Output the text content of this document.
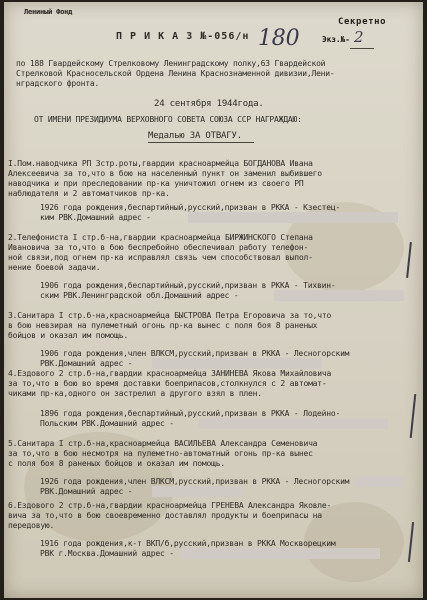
Лениный Фонд

Секретно

П Р И К А З №-056/н 180	Экз.№- 2

по 188 Гвардейскому Стрелковому Ленинградскому полку,63 Гвардейской

Стрелковой Красносельской Ордена Ленина Краснознаменной дивизии,Лени-

нградского фронта.

24 сентября 1944года.

ОТ ИМЕНИ ПРЕЗИДИУМА ВЕРХОВНОГО СОВЕТА СОЮЗА ССР НАГРАЖДАЮ:

Медалью ЗА ОТВАГУ.

I.Пом.наводчика РП 3стр.роты,гвардии красноармейца БОГДАНОВА Ивана

Алексеевича за то,что в бою на населенный пункт он заменил выбившего

наводчика и при преследовании пр-ка уничтожил огнем из своего РП

наблюдателя и 2 автоматчиков пр-ка.

1926 года рождения,беспартийный,русский,призван в РККА - Кзестец-

ким РВК.Домашний адрес -

2.Телефониста I стр.б-на,гвардии красноармейца БИРЖИНСКОГО Степана

Ивановича за то,что в бою беспребойно обеспечивал работу телефон-

ной связи,под огнем пр-ка исправлял связь чем способствовал выпол-

нение боевой задачи.

1906 года рождения,беспартийный,русский,призван в РККА - Тихвин-

ским РВК.Ленинградской обл.Домашний адрес -

3.Санитара I стр.б-на,красноармейца БЫСТРОВА Петра Егоровича за то,что

в бою невзирая на пулеметный огонь пр-ка вынес с поля боя 8 раненых

бойцов и оказал им помощь.

1906 года рождения,член ВЛКСМ,русский,призван в РККА - Лесногорским

РВК.Домашний адрес -

4.Ездового 2 стр.б-на,гвардии красноармейца ЗАНИНЕВА Якова Михайловича

за то,что в бою во время доставки боеприпасов,столкнулся с 2 автомат-

чиками пр-ка,одного он застрелил а другого взял в плен.

1896 года рождения,беспартийный,русский,призван в РККА - Лодейно-

Польским РВК.Домашний адрес -

5.Санитара I стр.б-на,красноармейца ВАСИЛЬЕВА Александра Семеновича

за то,что в бою несмотря на пулеметно-автоматный огонь пр-ка вынес

с поля боя 8 раненых бойцов и оказал им помощь.

1926 года рождения,член ВЛКСМ,русский,призван в РККА - Лесногорским

РВК.Домашний адрес -

6.Ездового 2 стр.б-на,гвардии красноармейца ГРЕНЕВА Александра Яковле-

вича за то,что в бою своевременно доставлял продукты и боеприпасы на

передовую.

1916 года рождения,к-т ВКП/б,русский,призван в РККА Москворецким

РВК г.Москва.Домашний адрес -
